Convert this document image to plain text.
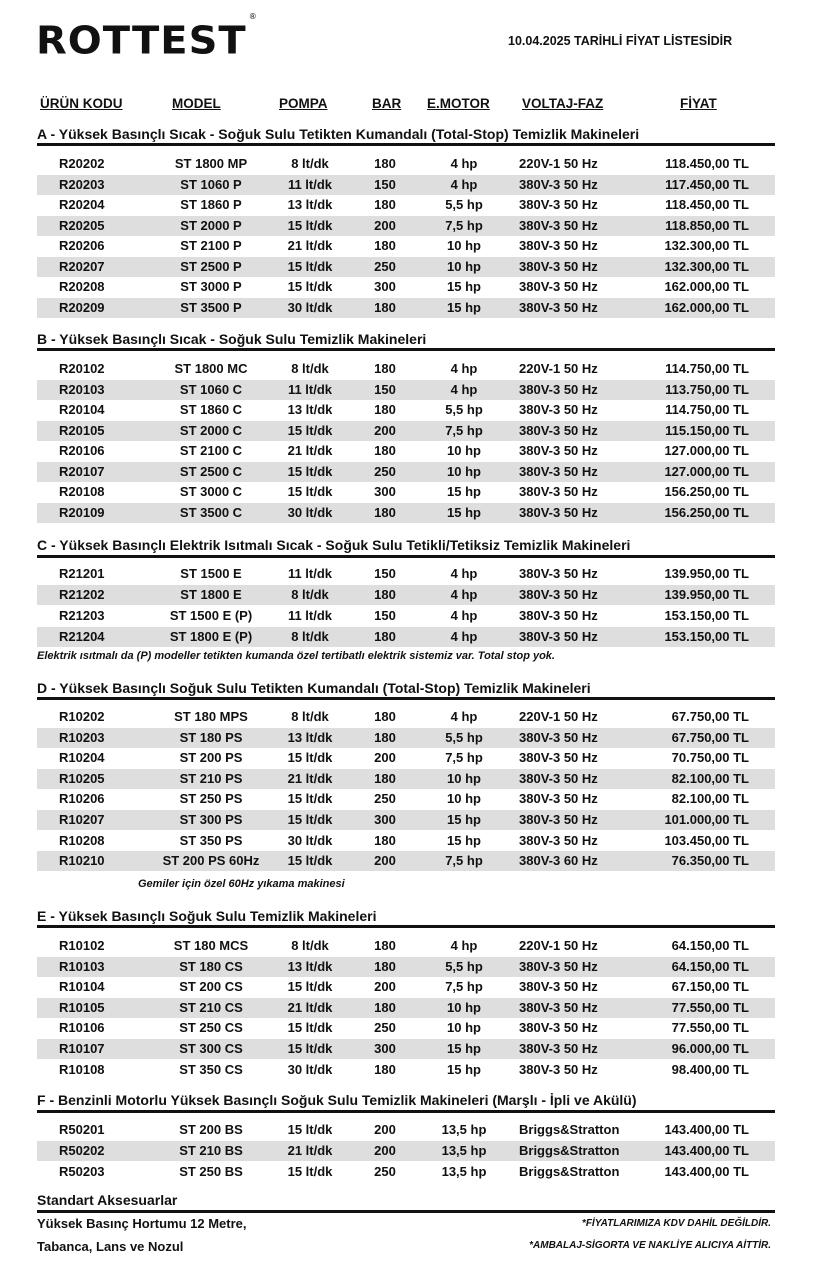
ROTTEST®
10.04.2025 TARİHLİ FİYAT LİSTESİDİR
ÜRÜN KODU	MODEL	POMPA	BAR E.MOTOR VOLTAJ-FAZ	FİYAT
A - Yüksek Basınçlı Sıcak - Soğuk Sulu Tetikten Kumandalı (Total-Stop) Temizlik Makineleri
R20202	ST 1800 MP	8 lt/dk	180	4 hp	220V-1 50 Hz	118.450,00 TL
R20203	ST 1060 P	11 lt/dk	150	4 hp	380V-3 50 Hz	117.450,00 TL
R20204	ST 1860 P	13 lt/dk	180	5,5 hp	380V-3 50 Hz	118.450,00 TL
R20205	ST 2000 P	15 lt/dk	200	7,5 hp	380V-3 50 Hz	118.850,00 TL
R20206	ST 2100 P	21 lt/dk	180	10 hp	380V-3 50 Hz	132.300,00 TL
R20207	ST 2500 P	15 lt/dk	250	10 hp	380V-3 50 Hz	132.300,00 TL
R20208	ST 3000 P	15 lt/dk	300	15 hp	380V-3 50 Hz	162.000,00 TL
R20209	ST 3500 P	30 lt/dk	180	15 hp	380V-3 50 Hz	162.000,00 TL
B - Yüksek Basınçlı Sıcak - Soğuk Sulu Temizlik Makineleri
R20102	ST 1800 MC	8 lt/dk	180	4 hp	220V-1 50 Hz	114.750,00 TL
R20103	ST 1060 C	11 lt/dk	150	4 hp	380V-3 50 Hz	113.750,00 TL
R20104	ST 1860 C	13 lt/dk	180	5,5 hp	380V-3 50 Hz	114.750,00 TL
R20105	ST 2000 C	15 lt/dk	200	7,5 hp	380V-3 50 Hz	115.150,00 TL
R20106	ST 2100 C	21 lt/dk	180	10 hp	380V-3 50 Hz	127.000,00 TL
R20107	ST 2500 C	15 lt/dk	250	10 hp	380V-3 50 Hz	127.000,00 TL
R20108	ST 3000 C	15 lt/dk	300	15 hp	380V-3 50 Hz	156.250,00 TL
R20109	ST 3500 C	30 lt/dk	180	15 hp	380V-3 50 Hz	156.250,00 TL
C - Yüksek Basınçlı Elektrik Isıtmalı Sıcak - Soğuk Sulu Tetikli/Tetiksiz Temizlik Makineleri
R21201	ST 1500 E	11 lt/dk	150	4 hp	380V-3 50 Hz	139.950,00 TL
R21202	ST 1800 E	8 lt/dk	180	4 hp	380V-3 50 Hz	139.950,00 TL
R21203	ST 1500 E (P)	11 lt/dk	150	4 hp	380V-3 50 Hz	153.150,00 TL
R21204	ST 1800 E (P)	8 lt/dk	180	4 hp	380V-3 50 Hz	153.150,00 TL
Elektrik ısıtmalı da (P) modeller tetikten kumanda özel tertibatlı elektrik sistemiz var. Total stop yok.
D - Yüksek Basınçlı Soğuk Sulu Tetikten Kumandalı (Total-Stop) Temizlik Makineleri
R10202	ST 180 MPS	8 lt/dk	180	4 hp	220V-1 50 Hz	67.750,00 TL
R10203	ST 180 PS	13 lt/dk	180	5,5 hp	380V-3 50 Hz	67.750,00 TL
R10204	ST 200 PS	15 lt/dk	200	7,5 hp	380V-3 50 Hz	70.750,00 TL
R10205	ST 210 PS	21 lt/dk	180	10 hp	380V-3 50 Hz	82.100,00 TL
R10206	ST 250 PS	15 lt/dk	250	10 hp	380V-3 50 Hz	82.100,00 TL
R10207	ST 300 PS	15 lt/dk	300	15 hp	380V-3 50 Hz	101.000,00 TL
R10208	ST 350 PS	30 lt/dk	180	15 hp	380V-3 50 Hz	103.450,00 TL
R10210	ST 200 PS 60Hz	15 lt/dk	200	7,5 hp	380V-3 60 Hz	76.350,00 TL
Gemiler için özel 60Hz yıkama makinesi
E - Yüksek Basınçlı Soğuk Sulu Temizlik Makineleri
R10102	ST 180 MCS	8 lt/dk	180	4 hp	220V-1 50 Hz	64.150,00 TL
R10103	ST 180 CS	13 lt/dk	180	5,5 hp	380V-3 50 Hz	64.150,00 TL
R10104	ST 200 CS	15 lt/dk	200	7,5 hp	380V-3 50 Hz	67.150,00 TL
R10105	ST 210 CS	21 lt/dk	180	10 hp	380V-3 50 Hz	77.550,00 TL
R10106	ST 250 CS	15 lt/dk	250	10 hp	380V-3 50 Hz	77.550,00 TL
R10107	ST 300 CS	15 lt/dk	300	15 hp	380V-3 50 Hz	96.000,00 TL
R10108	ST 350 CS	30 lt/dk	180	15 hp	380V-3 50 Hz	98.400,00 TL
F - Benzinli Motorlu Yüksek Basınçlı Soğuk Sulu Temizlik Makineleri (Marşlı - İpli ve Akülü)
R50201	ST 200 BS	15 lt/dk	200	13,5 hp	Briggs&Stratton	143.400,00 TL
R50202	ST 210 BS	21 lt/dk	200	13,5 hp	Briggs&Stratton	143.400,00 TL
R50203	ST 250 BS	15 lt/dk	250	13,5 hp	Briggs&Stratton	143.400,00 TL
Standart Aksesuarlar
Yüksek Basınç Hortumu 12 Metre,
Tabanca, Lans ve Nozul
*FİYATLARIMIZA KDV DAHİL DEĞİLDİR.
*AMBALAJ-SİGORTA VE NAKLİYE ALICIYA AİTTİR.
